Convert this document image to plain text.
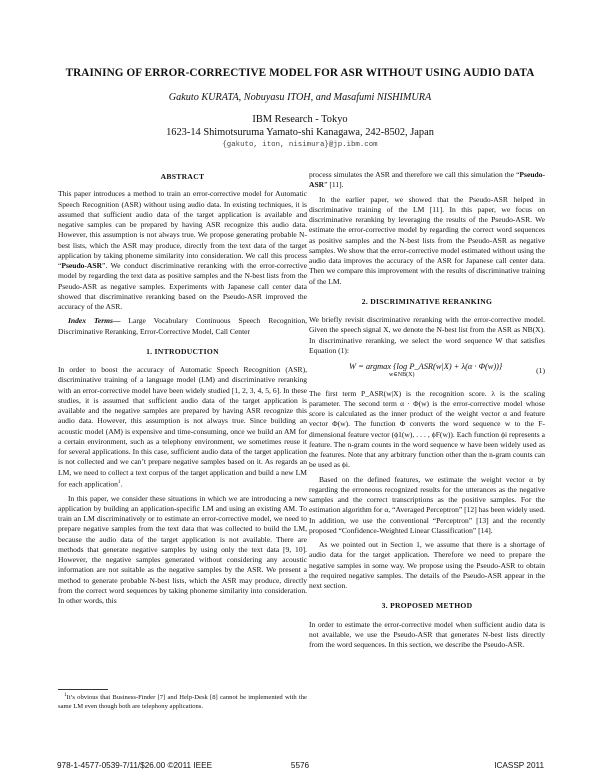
TRAINING OF ERROR-CORRECTIVE MODEL FOR ASR WITHOUT USING AUDIO DATA
Gakuto KURATA, Nobuyasu ITOH, and Masafumi NISHIMURA
IBM Research - Tokyo
1623-14 Shimotsuruma Yamato-shi Kanagawa, 242-8502, Japan
{gakuto, iton, nisimura}@jp.ibm.com
ABSTRACT

This paper introduces a method to train an error-corrective model for Automatic Speech Recognition (ASR) without using audio data. In existing techniques, it is assumed that sufficient audio data of the target application is available and negative samples can be prepared by having ASR recognize this audio data. However, this assumption is not always true. We propose generating probable N-best lists, which the ASR may produce, directly from the text data of the target application by taking phoneme similarity into consideration. We call this process “Pseudo-ASR”. We conduct discriminative reranking with the error-corrective model by regarding the text data as positive samples and the N-best lists from the Pseudo-ASR as negative samples. Experiments with Japanese call center data showed that discriminative reranking based on the Pseudo-ASR improved the accuracy of the ASR.

Index Terms— Large Vocabulary Continuous Speech Recognition, Discriminative Reranking, Error-Corrective Model, Call Center

1. INTRODUCTION

In order to boost the accuracy of Automatic Speech Recognition (ASR), discriminative training of a language model (LM) and discriminative reranking with an error-corrective model have been widely studied [1, 2, 3, 4, 5, 6]. In these studies, it is assumed that sufficient audio data of the target application is available and the negative samples are prepared by having ASR recognize this audio data. However, this assumption is not always true. Since building an acoustic model (AM) is expensive and time-consuming, once we build an AM for a certain environment, such as a telephony environment, we sometimes reuse it for several applications. In this case, sufficient audio data of the target application is not collected and we can’t prepare negative samples based on it. As regards an LM, we need to collect a text corpus of the target application and build a new LM for each application$^1$.

In this paper, we consider these situations in which we are introducing a new application by building an application-specific LM and using an existing AM. To train an LM discriminatively or to estimate an error-corrective model, we need to prepare negative samples from the text data that was collected to build the LM, because the audio data of the target application is not available. There are methods that generate negative samples by using only the text data [9, 10]. However, the negative samples generated without considering any acoustic information are not suitable as the negative samples by the ASR. We present a method to generate probable N-best lists, which the ASR may produce, directly from the correct word sequences by taking phoneme similarity into consideration. In other words, this

$^1$It’s obvious that Business-Finder [7] and Help-Desk [8] cannot be implemented with the same LM even though both are telephony applications.

process simulates the ASR and therefore we call this simulation the “Pseudo-ASR” [11].

In the earlier paper, we showed that the Pseudo-ASR helped in discriminative training of the LM [11]. In this paper, we focus on discriminative reranking by leveraging the results of the Pseudo-ASR. We estimate the error-corrective model by regarding the correct word sequences as positive samples and the N-best lists from the Pseudo-ASR as negative samples. We show that the error-corrective model estimated without using the audio data improves the accuracy of the ASR for Japanese call center data. Then we compare this improvement with the results of discriminative training of the LM.

2. DISCRIMINATIVE RERANKING

We briefly revisit discriminative reranking with the error-corrective model. Given the speech signal X, we denote the N-best list from the ASR as NB(X). In discriminative reranking, we select the word sequence W that satisfies Equation (1):

W = argmax {log P_ASR(w|X) + λ(α · Φ(w))}
w∈NB(X)
(1)

The first term P_ASR(w|X) is the recognition score. λ is the scaling parameter. The second term α · Φ(w) is the error-corrective model whose score is calculated as the inner product of the weight vector α and feature vector Φ(w). The function Φ converts the word sequence w to the F-dimensional feature vector (ϕ1(w), . . . , ϕF(w)). Each function ϕi represents a feature. The n-gram counts in the word sequence w have been widely used as the features. Note that any arbitrary function other than the n-gram counts can be used as ϕi.

Based on the defined features, we estimate the weight vector α by regarding the erroneous recognized results for the utterances as the negative samples and the correct transcriptions as the positive samples. For the estimation algorithm for α, “Averaged Perceptron” [12] has been widely used. In addition, we use the conventional “Perceptron” [13] and the recently proposed “Confidence-Weighted Linear Classification” [14].

As we pointed out in Section 1, we assume that there is a shortage of audio data for the target application. Therefore we need to prepare the negative samples in some way. We propose using the Pseudo-ASR to obtain the required negative samples. The details of the Pseudo-ASR appear in the next section.

3. PROPOSED METHOD

In order to estimate the error-corrective model when sufficient audio data is not available, we use the Pseudo-ASR that generates N-best lists directly from the word sequences. In this section, we describe the Pseudo-ASR.

978-1-4577-0539-7/11/$26.00 ©2011 IEEE	5576	ICASSP 2011
